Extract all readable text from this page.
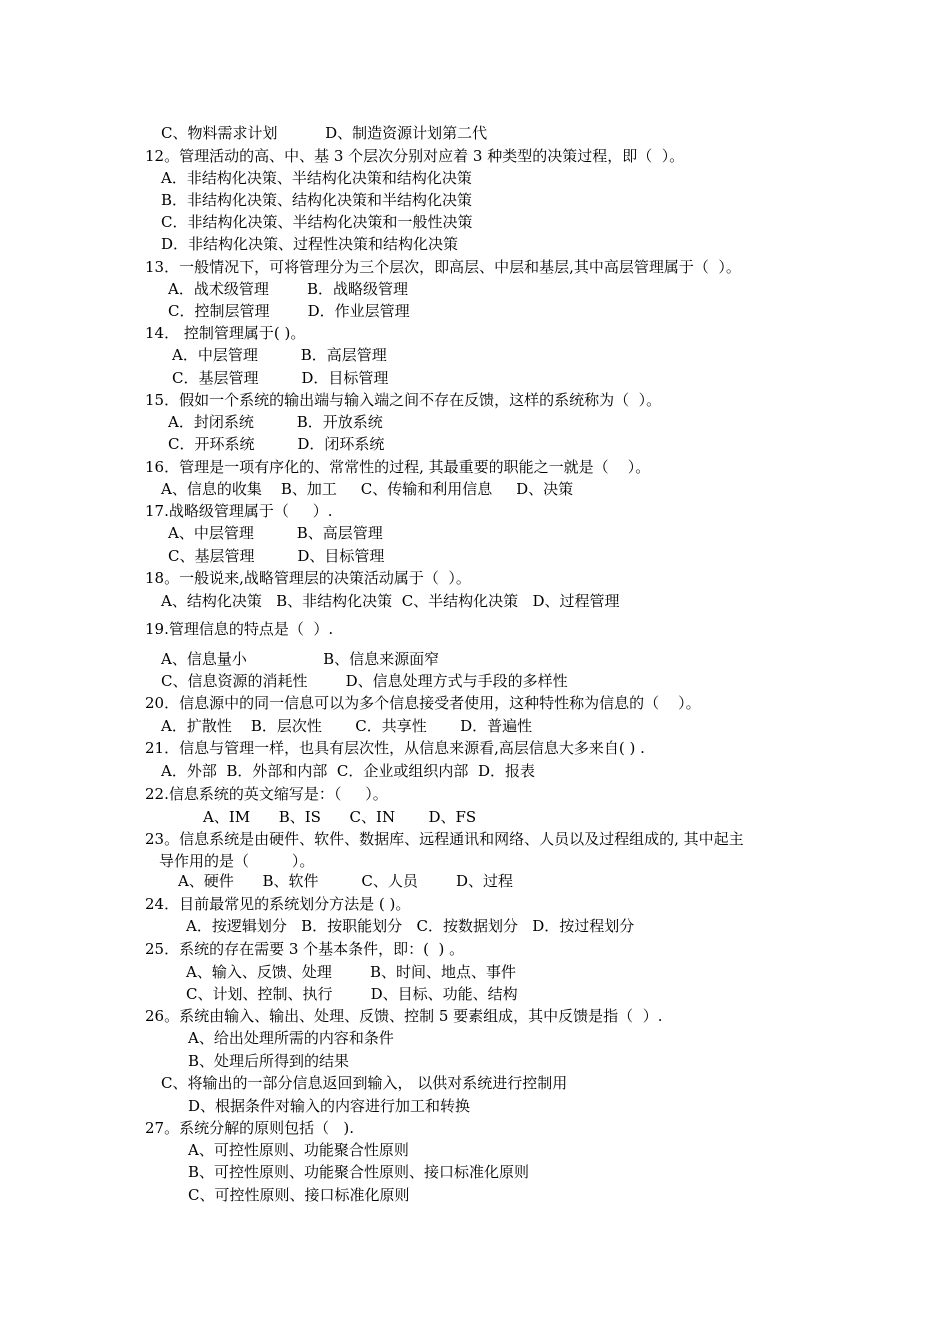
C、物料需求计划          D、制造资源计划第二代
12。管理活动的高、中、基 3 个层次分别对应着 3 种类型的决策过程，即（  ）。
A．非结构化决策、半结构化决策和结构化决策
B．非结构化决策、结构化决策和半结构化决策
C．非结构化决策、半结构化决策和一般性决策
D．非结构化决策、过程性决策和结构化决策
13．一般情况下，可将管理分为三个层次，即高层、中层和基层,其中高层管理属于（  ）。
A．战术级管理        B．战略级管理
C．控制层管理        D．作业层管理
14． 控制管理属于( )。
A．中层管理         B．高层管理
C．基层管理         D．目标管理
15．假如一个系统的输出端与输入端之间不存在反馈，这样的系统称为（  ）。
A．封闭系统         B．开放系统
C．开环系统         D．闭环系统
16．管理是一项有序化的、常常性的过程, 其最重要的职能之一就是（    ）。
A、信息的收集    B、加工     C、传输和利用信息     D、决策
17.战略级管理属于（     ）.
A、中层管理         B、高层管理
C、基层管理         D、目标管理
18。一般说来,战略管理层的决策活动属于（  ）。
A、结构化决策   B、非结构化决策  C、半结构化决策   D、过程管理
19.管理信息的特点是（  ）.
A、信息量小                B、信息来源面窄
C、信息资源的消耗性        D、信息处理方式与手段的多样性
20．信息源中的同一信息可以为多个信息接受者使用，这种特性称为信息的（    ）。
A．扩散性    B．层次性       C．共享性       D．普遍性
21．信息与管理一样，也具有层次性，从信息来源看,高层信息大多来自( ) .
A．外部  B．外部和内部  C．企业或组织内部  D．报表
22.信息系统的英文缩写是：（     ）。
A、IM      B、IS      C、IN       D、FS
23。信息系统是由硬件、软件、数据库、远程通讯和网络、人员以及过程组成的, 其中起主
导作用的是（         ）。
A、硬件      B、软件         C、人员        D、过程
24．目前最常见的系统划分方法是 ( )。
A．按逻辑划分   B．按职能划分   C．按数据划分   D．按过程划分
25．系统的存在需要 3 个基本条件，即：(  ) 。
A、输入、反馈、处理        B、时间、地点、事件
C、计划、控制、执行        D、目标、功能、结构
26。系统由输入、输出、处理、反馈、控制 5 要素组成，其中反馈是指（  ）.
A、给出处理所需的内容和条件
B、处理后所得到的结果
C、将输出的一部分信息返回到输入， 以供对系统进行控制用
D、根据条件对输入的内容进行加工和转换
27。系统分解的原则包括（   ).
A、可控性原则、功能聚合性原则
B、可控性原则、功能聚合性原则、接口标准化原则
C、可控性原则、接口标准化原则
